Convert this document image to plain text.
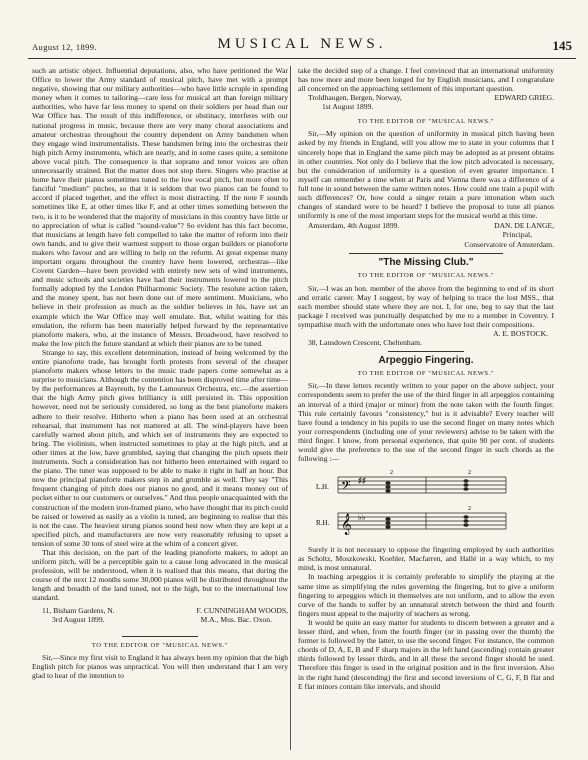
August 12, 1899.	MUSICAL NEWS.	145

such an artistic object. Influential deputations, also, who have petitioned the War Office to lower the Army standard of musical pitch, have met with a prompt negative, showing that our military authorities—who have little scruple in spending money when it comes to tailoring—care less for musical art than foreign military authorities, who have far less money to spend on their soldiers per head than our War Office has. The result of this indifference, or obstinacy, interferes with our national progress in music, because there are very many choral associations and amateur orchestras throughout the country dependent on Army bandsmen when they engage wind instrumentalists. These bandsmen bring into the orchestras their high pitch Army instruments, which are nearly, and in some cases quite, a semitone above vocal pitch. The consequence is that soprano and tenor voices are often unnecessarily strained. But the matter does not stop there. Singers who practise at home have their pianos sometimes tuned to the low vocal pitch, but more often to fanciful "medium" pitches, so that it is seldom that two pianos can be found to accord if placed together, and the effect is most distracting. If the note F sounds sometimes like E, at other times like F, and at other times something between the two, is it to be wondered that the majority of musicians in this country have little or no appreciation of what is called "sound-value"? So evident has this fact become, that musicians at length have felt compelled to take the matter of reform into their own hands, and to give their warmest support to those organ builders or pianoforte makers who favour and are willing to help on the reform. At great expense many important organs throughout the country have been lowered, orchestras—like Covent Garden—have been provided with entirely new sets of wind instruments, and music schools and societies have had their instruments lowered to the pitch formally adopted by the London Philharmonic Society. The resolute action taken, and the money spent, has not been done out of mere sentiment. Musicians, who believe in their profession as much as the soldier believes in his, have set an example which the War Office may well emulate. But, whilst waiting for this emulation, the reform has been materially helped forward by the representative pianoforte makers, who, at the instance of Messrs. Broadwood, have resolved to make the low pitch the future standard at which their pianos are to be tuned.

Strange to say, this excellent determination, instead of being welcomed by the entire pianoforte trade, has brought forth protests from several of the cheaper pianoforte makers whose letters to the music trade papers come somewhat as a surprise to musicians. Although the contention has been disproved time after time—by the performances at Bayreuth, by the Lamoureux Orchestra, etc.—the assertion that the high Army pitch gives brilliancy is still persisted in. This opposition however, need not be seriously considered, so long as the best pianoforte makers adhere to their resolve. Hitherto when a piano has been used at an orchestral rehearsal, that instrument has not mattered at all. The wind-players have been carefully warned about pitch, and which set of instruments they are expected to bring. The violinists, when instructed sometimes to play at the high pitch, and at other times at the low, have grumbled, saying that changing the pitch upsets their instruments. Such a consideration has not hitherto been entertained with regard to the piano. The tuner was supposed to be able to make it right in half an hour. But now the principal pianoforte makers step in and grumble as well. They say "This frequent changing of pitch does our pianos no good, and it means money out of pocket either to our customers or ourselves." And thus people unacquainted with the construction of the modern iron-framed piano, who have thought that its pitch could be raised or lowered as easily as a violin is tuned, are beginning to realise that this is not the case. The heaviest strung pianos sound best now when they are kept at a specified pitch, and manufacturers are now very reasonably refusing to upset a tension of some 30 tons of steel wire at the whim of a concert giver.

That this decision, on the part of the leading pianoforte makers, to adopt an uniform pitch, will be a perceptible gain to a cause long advocated in the musical profession, will be understood, when it is realised that this means, that during the course of the next 12 months some 30,000 pianos will be distributed throughout the length and breadth of the land tuned, not to the high, but to the international low standard.

11, Bisham Gardens, N.
3rd August 1899.
F. CUNNINGHAM WOODS,
M.A., Mus. Bac. Oxon.
TO THE EDITOR OF "MUSICAL NEWS."

Sir,—Since my first visit to England it has always been my opinion that the high English pitch for pianos was unpractical. You will then understand that I am very glad to hear of the intention to

take the decided step of a change. I feel convinced that an international uniformity has now more and more been longed for by English musicians, and I congratulate all concerned on the approaching settlement of this important question.

Troldhaugen, Bergen, Norway,
1st August 1899.
EDWARD GRIEG.
TO THE EDITOR OF "MUSICAL NEWS."

Sir,—My opinion on the question of uniformity in musical pitch having been asked by my friends in England, will you allow me to state in your columns that I sincerely hope that in England the same pitch may be adopted as at present obtains in other countries. Not only do I believe that the low pitch advocated is necessary, but the consideration of uniformity is a question of even greater importance. I myself can remember a time when at Paris and Vienna there was a difference of a full tone in sound between the same written notes. How could one train a pupil with such differences? Or, how could a singer retain a pure intonation when such changes of standard were to be heard? I believe the proposal to tune all pianos uniformly is one of the most important steps for the musical world at this time.

Amsterdam, 4th August 1899.	DAN. DE LANGE,
Principal,
Conservatoire of Amsterdam.
"The Missing Club."
TO THE EDITOR OF "MUSICAL NEWS."

Sir,—I was an hon. member of the above from the beginning to end of its short and erratic career. May I suggest, by way of helping to trace the lost MSS., that each member should state where they are not. I, for one, beg to say that the last package I received was punctually despatched by me to a member in Coventry. I sympathise much with the unfortunate ones who have lost their compositions.

A. E. BOSTOCK.

38, Lansdown Crescent, Cheltenham.

Arpeggio Fingering.
TO THE EDITOR OF "MUSICAL NEWS."

Sir,—In three letters recently written to your paper on the above subject, your correspondents seem to prefer the use of the third finger in all arpeggios containing an interval of a third (major or minor) from the note taken with the fourth finger. This rule certainly favours "consistency," but is it advisable? Every teacher will have found a tendency in his pupils to use the second finger on many notes which your correspondents (including one of your reviewers) advise to be taken with the third finger. I know, from personal experience, that quite 90 per cent. of students would give the preference to the use of the second finger in such chords as the following :—

L.H.
R.H.
𝄢
𝄞
♯♯
♭♭
2	2
2

Surely it is not necessary to oppose the fingering employed by such authorities as Scholtz, Moszkowski, Koehler, Macfarren, and Hallé in a way which, to my mind, is most unnatural.

In teaching arpeggios it is certainly preferable to simplify the playing at the same time as simplifying the rules governing the fingering, but to give a uniform fingering to arpeggios which in themselves are not uniform, and to allow the even curve of the hands to suffer by an unnatural stretch between the third and fourth fingers must appeal to the majority of teachers as wrong.

It would be quite an easy matter for students to discern between a greater and a lesser third, and when, from the fourth finger (or in passing over the thumb) the former is followed by the latter, to use the second finger. For instance, the common chords of D, A, E, B and F sharp majors in the left hand (ascending) contain greater thirds followed by lesser thirds, and in all these the second finger should be used. Therefore this finger is used in the original position and in the first inversion. Also in the right hand (descending) the first and second inversions of C, G, F, B flat and E flat minors contain like intervals, and should
